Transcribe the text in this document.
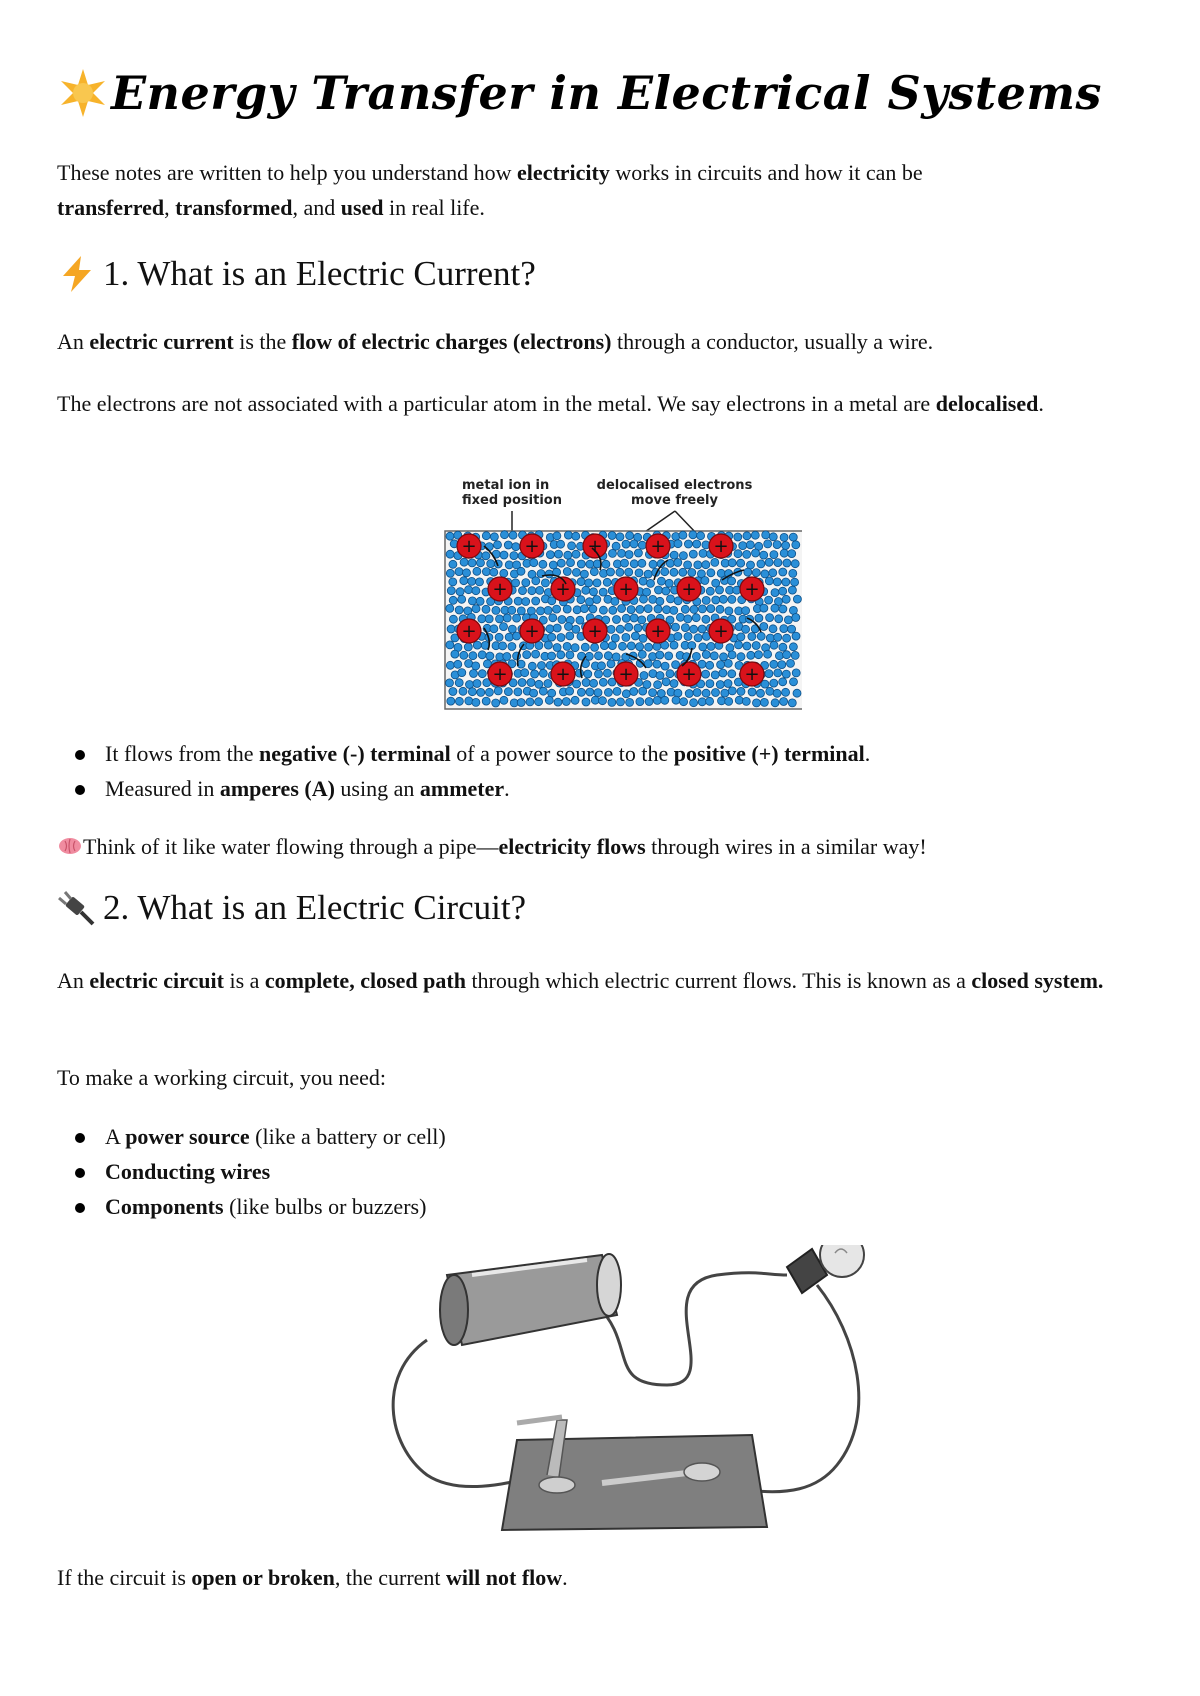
Energy Transfer in Electrical Systems

These notes are written to help you understand how electricity works in circuits and how it can be
transferred, transformed, and used in real life.

1. What is an Electric Current?

An electric current is the flow of electric charges (electrons) through a conductor, usually a wire.

The electrons are not associated with a particular atom in the metal. We say electrons in a metal are delocalised.

metal ion in
fixed position
delocalised electrons
move freely
+	+	+	+	+
+	+	+	+	+
+	+	+	+	+
+	+	+	+	+
It flows from the negative (-) terminal of a power source to the positive (+) terminal.
Measured in amperes (A) using an ammeter.

Think of it like water flowing through a pipe—electricity flows through wires in a similar way!

2. What is an Electric Circuit?

An electric circuit is a complete, closed path through which electric current flows. This is known as a closed system.

To make a working circuit, you need:

A power source (like a battery or cell)
Conducting wires
Components (like bulbs or buzzers)

If the circuit is open or broken, the current will not flow.
